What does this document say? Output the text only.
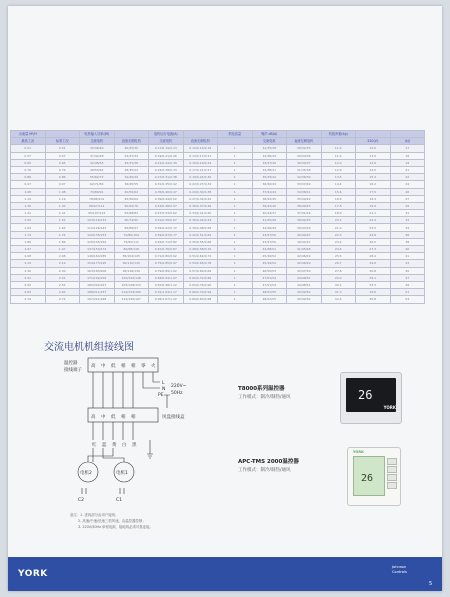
水流量 M³/H		电机输入功率(W)		电机运行电流(A)		供电容量	噪声 dB(A)		机组净重(kg)		
最高工况	标准工况	交流电机	直流无刷电机	交流电机	直流无刷电机		交流电机	直流无刷电机		220(V)	(kJ)
0.51	0.51	32/36/40	20/25/30	0.17/0.19/0.23	0.12/0.16/0.19	1	31/35/38	28/32/35	11.0	12.5	17
0.57	0.57	37/42/48	22/27/34	0.19/0.21/0.26	0.13/0.17/0.21	1	32/36/39	29/33/36	11.4	13.0	18
0.65	0.65	42/48/55	25/31/38	0.21/0.24/0.30	0.15/0.19/0.24	1	33/37/40	30/34/37	12.0	13.6	19
0.76	0.76	48/55/62	28/35/43	0.24/0.28/0.33	0.17/0.21/0.27	1	34/38/41	31/35/38	12.9	14.5	21
0.86	0.86	55/62/72	32/40/49	0.27/0.31/0.38	0.19/0.24/0.30	1	35/39/42	32/36/39	13.5	15.3	22
0.97	0.97	62/71/80	36/45/55	0.31/0.35/0.42	0.22/0.27/0.34	1	36/40/43	33/37/40	14.4	16.2	24
1.08	1.08	70/80/91	40/50/62	0.35/0.40/0.47	0.24/0.30/0.38	1	37/41/44	34/38/41	15.6	17.5	26
1.19	1.19	78/88/101	45/56/69	0.39/0.44/0.52	0.27/0.34/0.42	1	38/42/45	35/39/42	16.5	18.4	27
1.30	1.30	86/97/112	50/62/76	0.43/0.48/0.57	0.30/0.37/0.46	1	39/43/46	36/40/43	17.8	19.9	29
1.41	1.41	95/107/122	55/68/83	0.47/0.53/0.62	0.33/0.41/0.50	1	40/44/47	37/41/44	18.9	21.1	31
1.52	1.52	103/116/133	60/74/90	0.51/0.58/0.67	0.36/0.44/0.54	1	41/45/48	38/42/45	20.1	22.4	33
1.63	1.63	112/126/143	65/80/97	0.55/0.62/0.72	0.39/0.48/0.58	1	42/46/49	39/43/46	21.0	23.5	34
1.74	1.74	120/135/153	70/86/104	0.59/0.67/0.77	0.42/0.51/0.62	1	43/47/50	40/44/47	22.3	24.8	36
1.86	1.86	129/145/164	75/92/111	0.63/0.71/0.82	0.45/0.55/0.66	1	43/47/50	40/44/47	23.4	26.0	38
1.97	1.97	137/154/174	80/98/118	0.67/0.76/0.87	0.48/0.58/0.70	1	44/48/51	41/45/48	24.6	27.3	40
2.08	2.08	146/164/185	85/104/125	0.71/0.80/0.92	0.51/0.62/0.74	1	45/49/52	42/46/49	25.5	28.4	41
2.19	2.19	154/173/195	90/110/132	0.75/0.85/0.97	0.54/0.65/0.78	1	45/49/52	42/46/49	26.7	29.6	43
2.30	2.30	163/183/206	95/116/139	0.79/0.89/1.02	0.57/0.69/0.82	1	46/50/53	43/47/50	27.8	30.8	45
2.41	2.41	171/192/216	100/122/146	0.83/0.94/1.07	0.60/0.72/0.86	1	47/51/54	44/48/51	29.0	32.1	47
2.52	2.52	180/202/227	105/128/153	0.87/0.98/1.12	0.63/0.76/0.90	1	47/51/54	44/48/51	30.1	33.3	49
2.63	2.63	188/211/237	110/134/160	0.91/1.03/1.17	0.66/0.79/0.94	1	48/52/55	45/49/52	31.3	34.6	51
2.74	2.74	197/221/248	115/140/167	0.95/1.07/1.22	0.69/0.83/0.98	1	48/52/55	45/49/52	32.4	35.8	53
交流电机机组接线图
温控器
接线端子
高 中 低 相 相 零 火
L
N
PE
220V~
50Hz
高 中 低 相 相	风盘接线盒
红 蓝 黄 白 黑
电机2	电机1
C2	C1
26
YORK
T8000系列温控器
工作模式：制冷/制热/通风
YORK
26
APC-TMS 2000温控器
工作模式：制冷/制热/通风
备注：1. 虚线部分由用户接线；
2. 高速/中速/低速三档风速，由温控器控制；
3. 220V/50Hz 单相电源，接地线必须可靠连接。
YORK
Johnson
Controls
5
